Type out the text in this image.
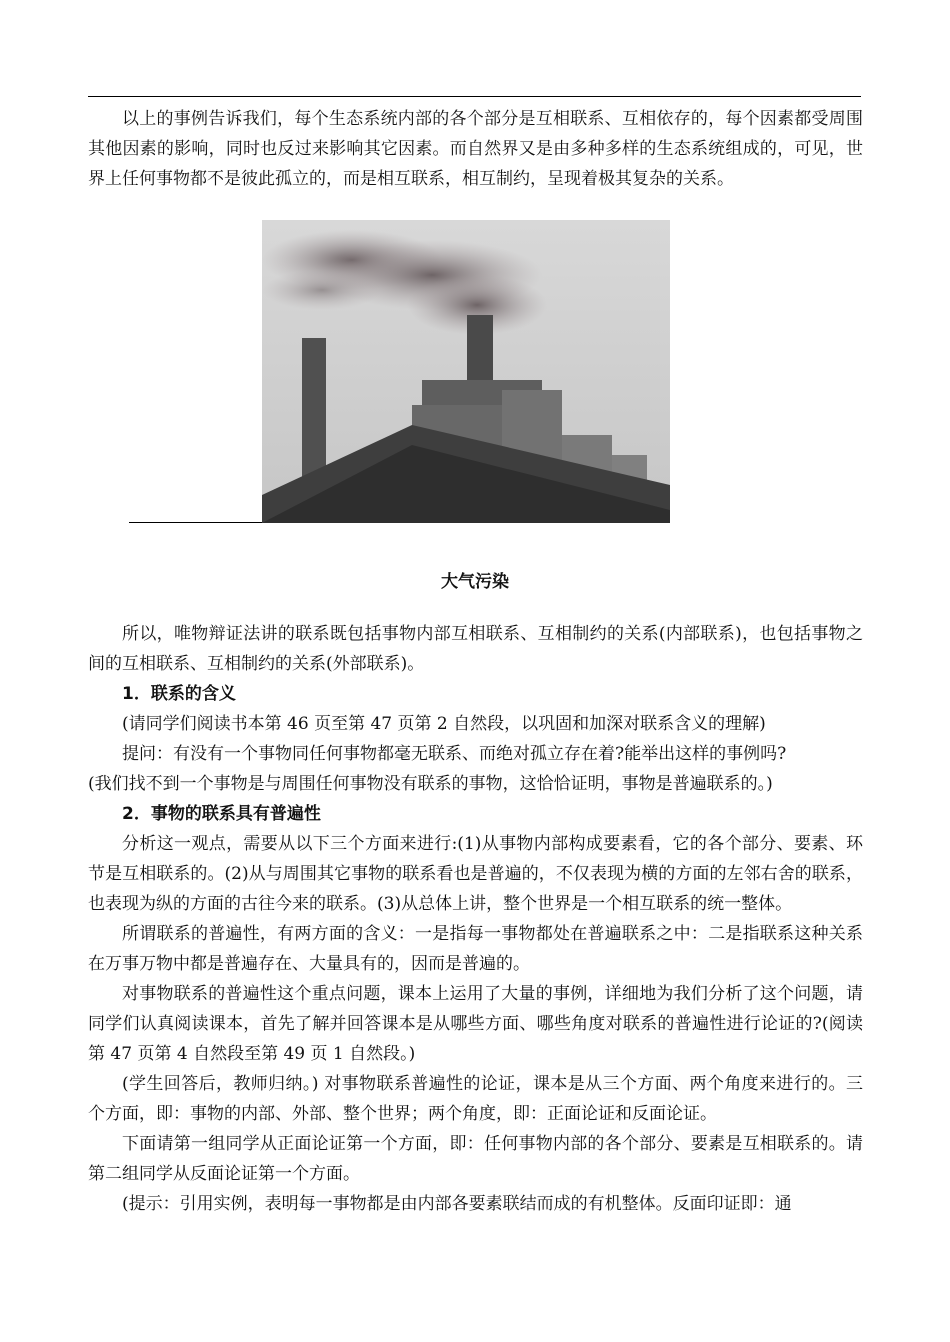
以上的事例告诉我们，每个生态系统内部的各个部分是互相联系、互相依存的，每个因素都受周围其他因素的影响，同时也反过来影响其它因素。而自然界又是由多种多样的生态系统组成的，可见，世界上任何事物都不是彼此孤立的，而是相互联系，相互制约，呈现着极其复杂的关系。

大气污染

所以，唯物辩证法讲的联系既包括事物内部互相联系、互相制约的关系(内部联系)，也包括事物之间的互相联系、互相制约的关系(外部联系)。

1．联系的含义

(请同学们阅读书本第 46 页至第 47 页第 2 自然段，以巩固和加深对联系含义的理解)

提问：有没有一个事物同任何事物都毫无联系、而绝对孤立存在着?能举出这样的事例吗?

(我们找不到一个事物是与周围任何事物没有联系的事物，这恰恰证明，事物是普遍联系的。)

2．事物的联系具有普遍性

分析这一观点，需要从以下三个方面来进行:(1)从事物内部构成要素看，它的各个部分、要素、环节是互相联系的。(2)从与周围其它事物的联系看也是普遍的，不仅表现为横的方面的左邻右舍的联系，也表现为纵的方面的古往今来的联系。(3)从总体上讲，整个世界是一个相互联系的统一整体。

所谓联系的普遍性，有两方面的含义：一是指每一事物都处在普遍联系之中：二是指联系这种关系在万事万物中都是普遍存在、大量具有的，因而是普遍的。

对事物联系的普遍性这个重点问题，课本上运用了大量的事例，详细地为我们分析了这个问题，请同学们认真阅读课本，首先了解并回答课本是从哪些方面、哪些角度对联系的普遍性进行论证的?(阅读第 47 页第 4 自然段至第 49 页 1 自然段。)

(学生回答后，教师归纳。) 对事物联系普遍性的论证，课本是从三个方面、两个角度来进行的。三个方面，即：事物的内部、外部、整个世界；两个角度，即：正面论证和反面论证。

下面请第一组同学从正面论证第一个方面，即：任何事物内部的各个部分、要素是互相联系的。请第二组同学从反面论证第一个方面。

(提示：引用实例，表明每一事物都是由内部各要素联结而成的有机整体。反面印证即：通
